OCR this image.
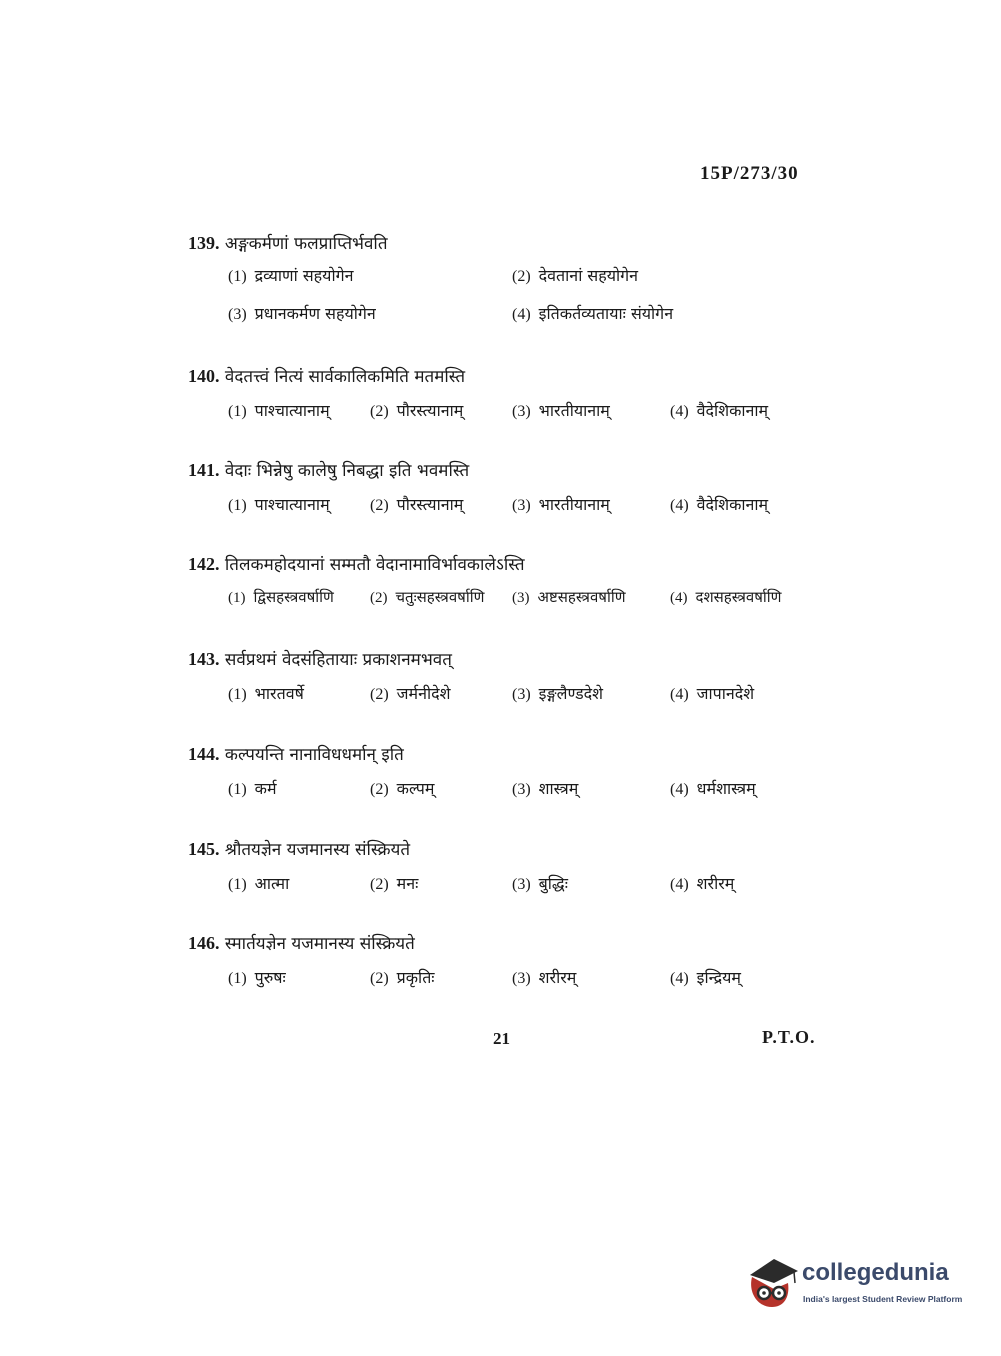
15P/273/30
139. अङ्गकर्मणां फलप्राप्तिर्भवति
(1) द्रव्याणां सहयोगेन	(2) देवतानां सहयोगेन
(3) प्रधानकर्मण सहयोगेन	(4) इतिकर्तव्यतायाः संयोगेन
140. वेदतत्त्वं नित्यं सार्वकालिकमिति मतमस्ति
(1) पाश्चात्यानाम्	(2) पौरस्त्यानाम्	(3) भारतीयानाम्	(4) वैदेशिकानाम्
141. वेदाः भिन्नेषु कालेषु निबद्धा इति भवमस्ति
(1) पाश्चात्यानाम्	(2) पौरस्त्यानाम्	(3) भारतीयानाम्	(4) वैदेशिकानाम्
142. तिलकमहोदयानां सम्मतौ वेदानामाविर्भावकालेऽस्ति
(1) द्विसहस्त्रवर्षाणि (2) चतुःसहस्त्रवर्षाणि (3) अष्टसहस्त्रवर्षाणि	(4) दशसहस्त्रवर्षाणि
143. सर्वप्रथमं वेदसंहितायाः प्रकाशनमभवत्
(1) भारतवर्षे	(2) जर्मनीदेशे	(3) इङ्गलैण्डदेशे	(4) जापानदेशे
144. कल्पयन्ति नानाविधधर्मान् इति
(1) कर्म	(2) कल्पम्	(3) शास्त्रम्	(4) धर्मशास्त्रम्
145. श्रौतयज्ञेन यजमानस्य संस्क्रियते
(1) आत्मा	(2) मनः	(3) बुद्धिः	(4) शरीरम्
146. स्मार्तयज्ञेन यजमानस्य संस्क्रियते
(1) पुरुषः	(2) प्रकृतिः	(3) शरीरम्	(4) इन्द्रियम्
21	P.T.O.
collegedunia
India's largest Student Review Platform
